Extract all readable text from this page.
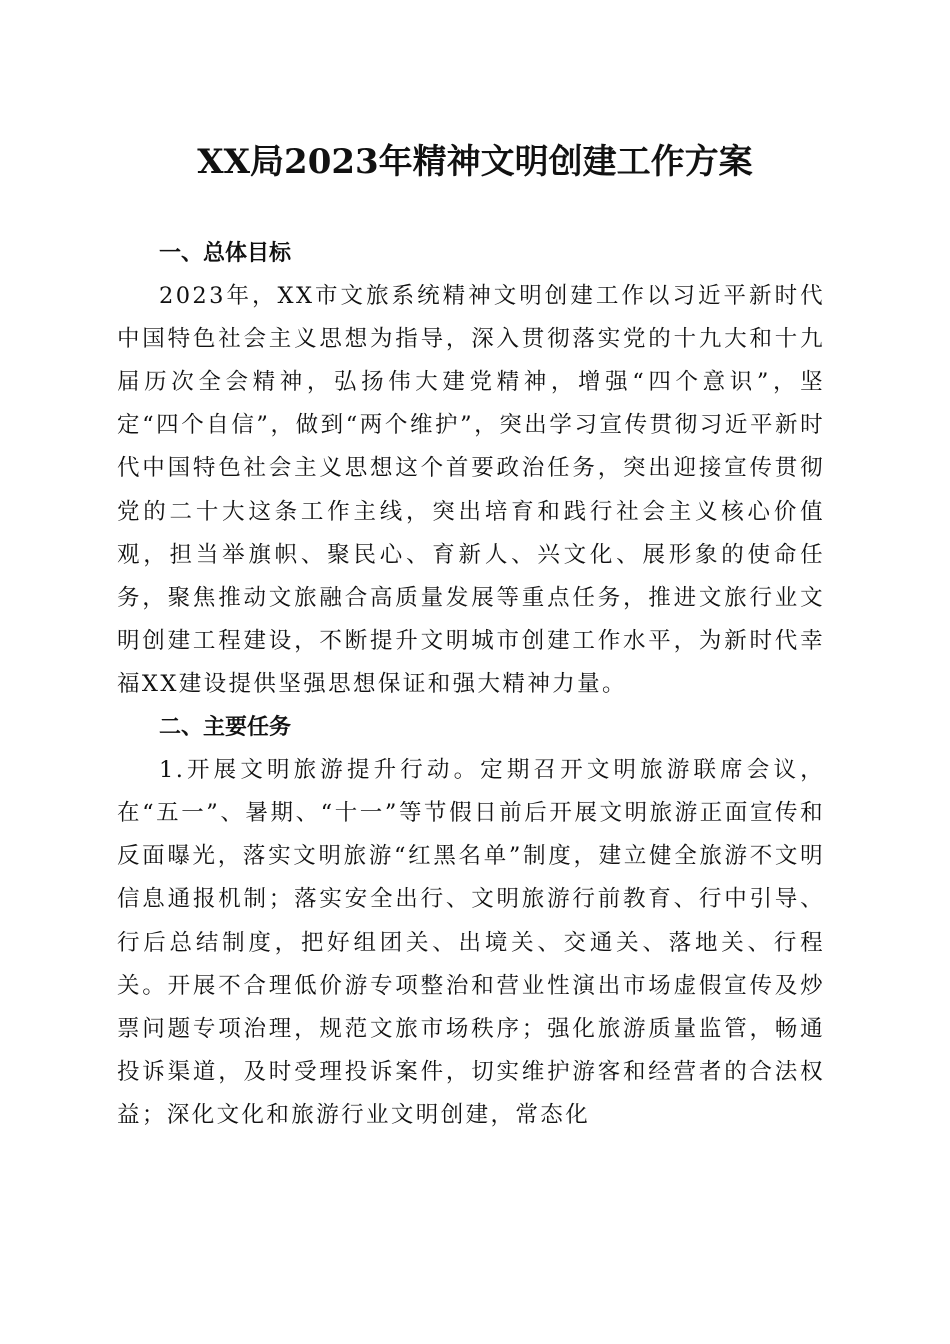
XX局2023年精神文明创建工作方案
一、总体目标

2023年，XX市文旅系统精神文明创建工作以习近平新时代中国特色社会主义思想为指导，深入贯彻落实党的十九大和十九届历次全会精神，弘扬伟大建党精神，增强“四个意识”，坚定“四个自信”，做到“两个维护”，突出学习宣传贯彻习近平新时代中国特色社会主义思想这个首要政治任务，突出迎接宣传贯彻党的二十大这条工作主线，突出培育和践行社会主义核心价值观，担当举旗帜、聚民心、育新人、兴文化、展形象的使命任务，聚焦推动文旅融合高质量发展等重点任务，推进文旅行业文明创建工程建设，不断提升文明城市创建工作水平，为新时代幸福XX建设提供坚强思想保证和强大精神力量。

二、主要任务

1.开展文明旅游提升行动。定期召开文明旅游联席会议，在“五一”、暑期、“十一”等节假日前后开展文明旅游正面宣传和反面曝光，落实文明旅游“红黑名单”制度，建立健全旅游不文明信息通报机制；落实安全出行、文明旅游行前教育、行中引导、行后总结制度，把好组团关、出境关、交通关、落地关、行程关。开展不合理低价游专项整治和营业性演出市场虚假宣传及炒票问题专项治理，规范文旅市场秩序；强化旅游质量监管，畅通投诉渠道，及时受理投诉案件，切实维护游客和经营者的合法权益；深化文化和旅游行业文明创建，常态化
